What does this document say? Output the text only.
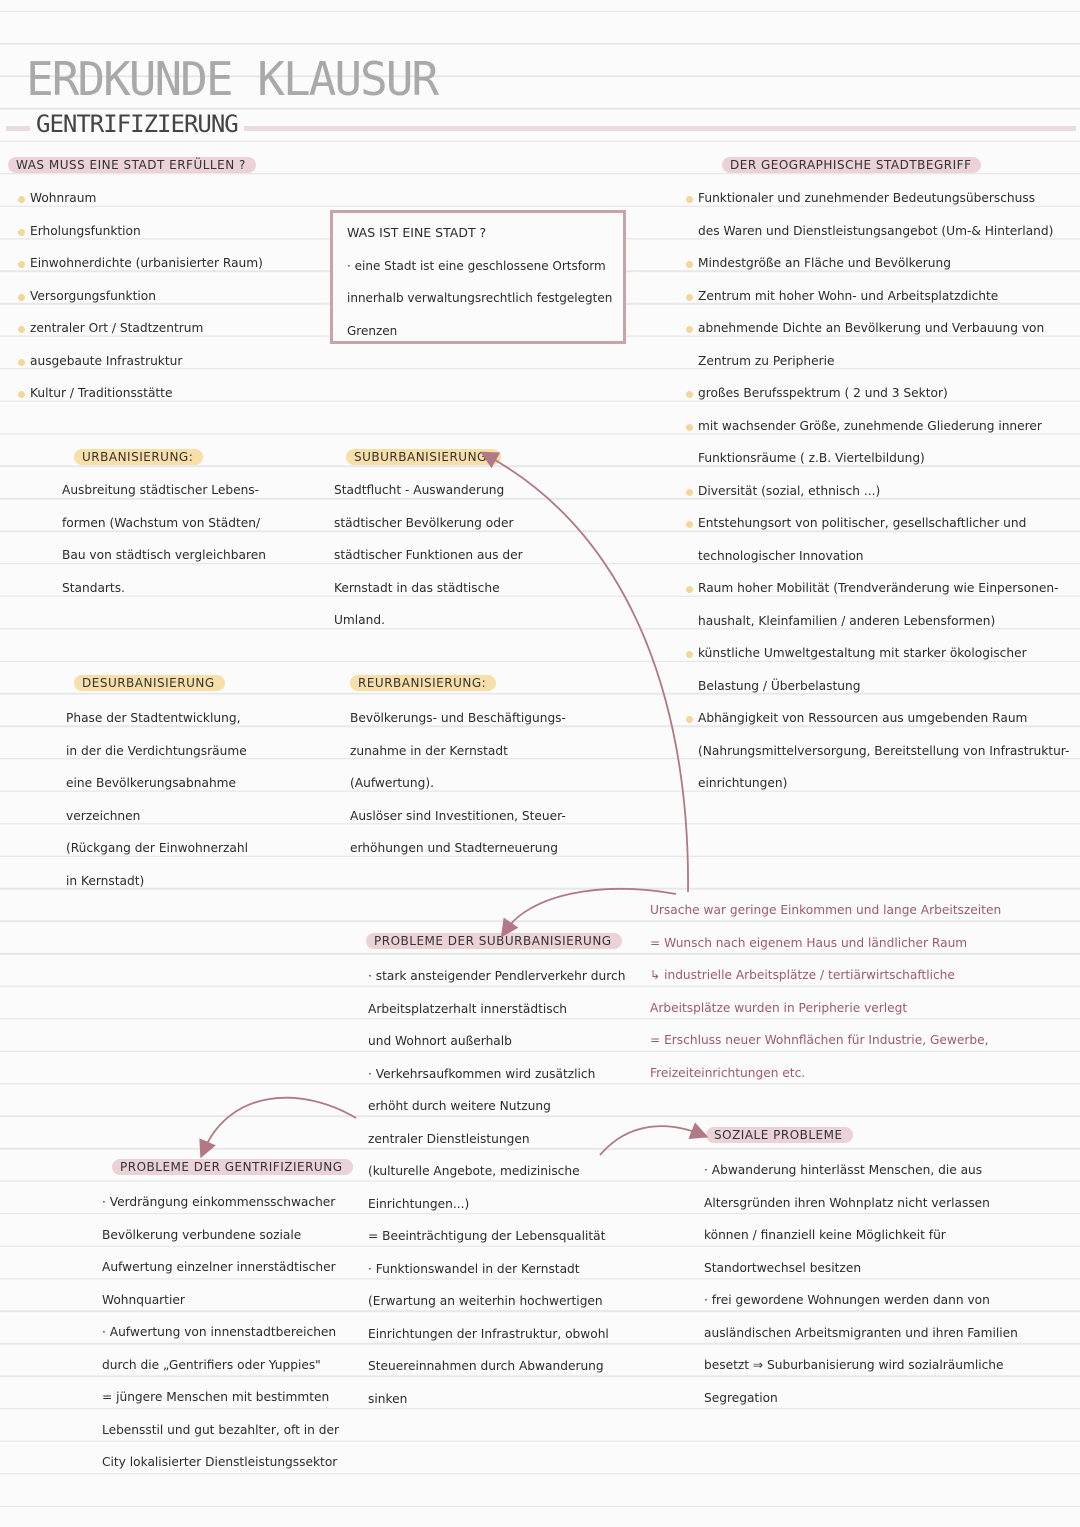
ERDKUNDE KLAUSUR
GENTRIFIZIERUNG
WAS MUSS EINE STADT ERFÜLLEN ?
Wohnraum
Erholungsfunktion
Einwohnerdichte (urbanisierter Raum)
Versorgungsfunktion
zentraler Ort / Stadtzentrum
ausgebaute Infrastruktur
Kultur / Traditionsstätte
WAS IST EINE STADT ?
· eine Stadt ist eine geschlossene Ortsform
innerhalb verwaltungsrechtlich festgelegten
Grenzen
DER GEOGRAPHISCHE STADTBEGRIFF

Funktionaler und zunehmender Bedeutungsüberschuss

des Waren und Dienstleistungsangebot (Um-& Hinterland)

Mindestgröße an Fläche und Bevölkerung

Zentrum mit hoher Wohn- und Arbeitsplatzdichte

abnehmende Dichte an Bevölkerung und Verbauung von

Zentrum zu Peripherie

großes Berufsspektrum ( 2 und 3 Sektor)

mit wachsender Größe, zunehmende Gliederung innerer

Funktionsräume ( z.B. Viertelbildung)

Diversität (sozial, ethnisch ...)

Entstehungsort von politischer, gesellschaftlicher und

technologischer Innovation

Raum hoher Mobilität (Trendveränderung wie Einpersonen-

haushalt, Kleinfamilien / anderen Lebensformen)

künstliche Umweltgestaltung mit starker ökologischer

Belastung / Überbelastung

Abhängigkeit von Ressourcen aus umgebenden Raum

(Nahrungsmittelversorgung, Bereitstellung von Infrastruktur-

einrichtungen)

URBANISIERUNG:

Ausbreitung städtischer Lebens-

formen (Wachstum von Städten/

Bau von städtisch vergleichbaren

Standarts.

SUBURBANISIERUNG:

Stadtflucht - Auswanderung

städtischer Bevölkerung oder

städtischer Funktionen aus der

Kernstadt in das städtische

Umland.

DESURBANISIERUNG

Phase der Stadtentwicklung,

in der die Verdichtungsräume

eine Bevölkerungsabnahme

verzeichnen

(Rückgang der Einwohnerzahl

in Kernstadt)

REURBANISIERUNG:

Bevölkerungs- und Beschäftigungs-

zunahme in der Kernstadt

(Aufwertung).

Auslöser sind Investitionen, Steuer-

erhöhungen und Stadterneuerung

Ursache war geringe Einkommen und lange Arbeitszeiten

= Wunsch nach eigenem Haus und ländlicher Raum

↳ industrielle Arbeitsplätze / tertiärwirtschaftliche

Arbeitsplätze wurden in Peripherie verlegt

= Erschluss neuer Wohnflächen für Industrie, Gewerbe,

Freizeiteinrichtungen etc.

PROBLEME DER SUBURBANISIERUNG

· stark ansteigender Pendlerverkehr durch

Arbeitsplatzerhalt innerstädtisch

und Wohnort außerhalb

· Verkehrsaufkommen wird zusätzlich

erhöht durch weitere Nutzung

zentraler Dienstleistungen

(kulturelle Angebote, medizinische

Einrichtungen...)

= Beeinträchtigung der Lebensqualität

· Funktionswandel in der Kernstadt

(Erwartung an weiterhin hochwertigen

Einrichtungen der Infrastruktur, obwohl

Steuereinnahmen durch Abwanderung

sinken

SOZIALE PROBLEME

· Abwanderung hinterlässt Menschen, die aus

Altersgründen ihren Wohnplatz nicht verlassen

können / finanziell keine Möglichkeit für

Standortwechsel besitzen

· frei gewordene Wohnungen werden dann von

ausländischen Arbeitsmigranten und ihren Familien

besetzt ⇒ Suburbanisierung wird sozialräumliche

Segregation

PROBLEME DER GENTRIFIZIERUNG

· Verdrängung einkommensschwacher

Bevölkerung verbundene soziale

Aufwertung einzelner innerstädtischer

Wohnquartier

· Aufwertung von innenstadtbereichen

durch die „Gentrifiers oder Yuppies"

= jüngere Menschen mit bestimmten

Lebensstil und gut bezahlter, oft in der

City lokalisierter Dienstleistungssektor
